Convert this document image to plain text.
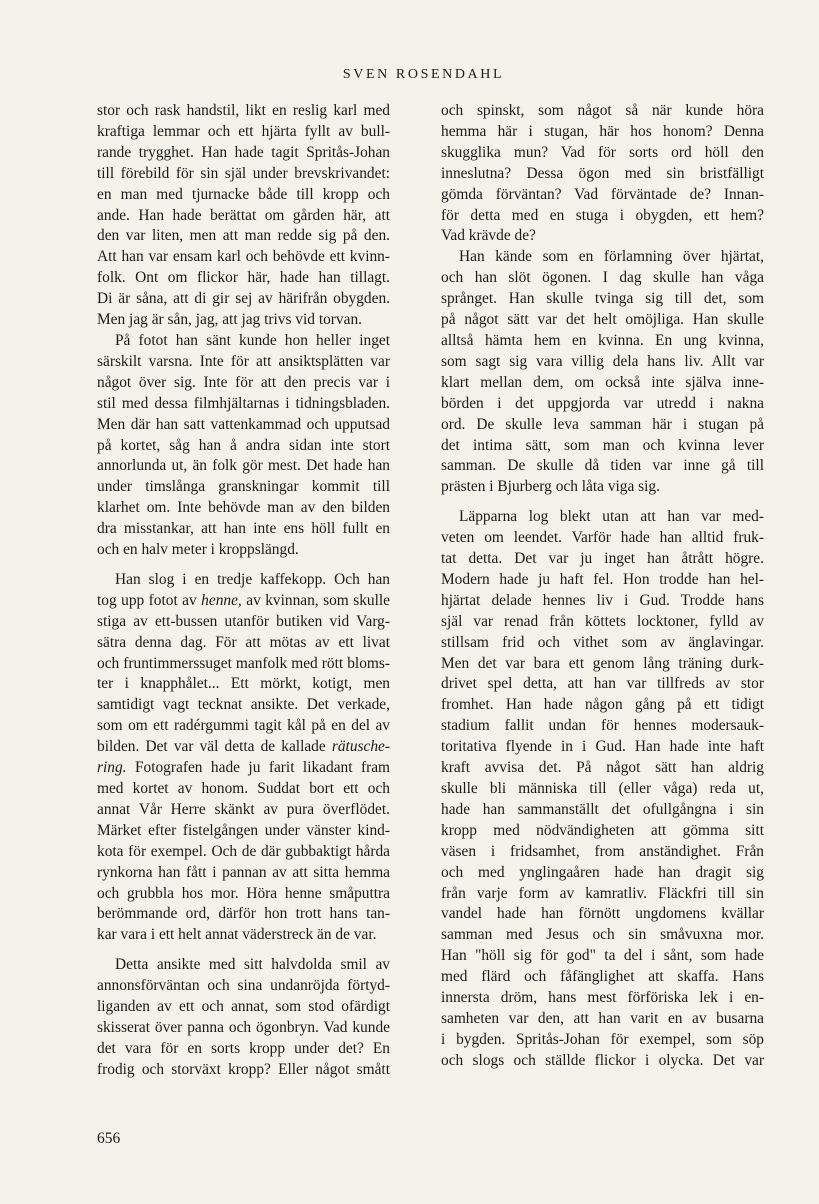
SVEN ROSENDAHL
stor och rask handstil, likt en reslig karl med
kraftiga lemmar och ett hjärta fyllt av bull-
rande trygghet. Han hade tagit Spritås-Johan
till förebild för sin själ under brevskrivandet:
en man med tjurnacke både till kropp och
ande. Han hade berättat om gården här, att
den var liten, men att man redde sig på den.
Att han var ensam karl och behövde ett kvinn-
folk. Ont om flickor här, hade han tillagt.
Di är såna, att di gir sej av härifrån obygden.
Men jag är sån, jag, att jag trivs vid torvan.
På fotot han sänt kunde hon heller inget
särskilt varsna. Inte för att ansiktsplätten var
något över sig. Inte för att den precis var i
stil med dessa filmhjältarnas i tidningsbladen.
Men där han satt vattenkammad och upputsad
på kortet, såg han å andra sidan inte stort
annorlunda ut, än folk gör mest. Det hade han
under timslånga granskningar kommit till
klarhet om. Inte behövde man av den bilden
dra misstankar, att han inte ens höll fullt en
och en halv meter i kroppslängd.
Han slog i en tredje kaffekopp. Och han
tog upp fotot av henne, av kvinnan, som skulle
stiga av ett-bussen utanför butiken vid Varg-
sätra denna dag. För att mötas av ett livat
och fruntimmerssuget manfolk med rött bloms-
ter i knapphålet... Ett mörkt, kotigt, men
samtidigt vagt tecknat ansikte. Det verkade,
som om ett radérgummi tagit kål på en del av
bilden. Det var väl detta de kallade rätusche-
ring. Fotografen hade ju farit likadant fram
med kortet av honom. Suddat bort ett och
annat Vår Herre skänkt av pura överflödet.
Märket efter fistelgången under vänster kind-
kota för exempel. Och de där gubbaktigt hårda
rynkorna han fått i pannan av att sitta hemma
och grubbla hos mor. Höra henne småputtra
berömmande ord, därför hon trott hans tan-
kar vara i ett helt annat väderstreck än de var.
Detta ansikte med sitt halvdolda smil av
annonsförväntan och sina undanröjda förtyd-
liganden av ett och annat, som stod ofärdigt
skisserat över panna och ögonbryn. Vad kunde
det vara för en sorts kropp under det? En
frodig och storväxt kropp? Eller något smått
och spinskt, som något så när kunde höra
hemma här i stugan, här hos honom? Denna
skugglika mun? Vad för sorts ord höll den
inneslutna? Dessa ögon med sin bristfälligt
gömda förväntan? Vad förväntade de? Innan-
för detta med en stuga i obygden, ett hem?
Vad krävde de?
Han kände som en förlamning över hjärtat,
och han slöt ögonen. I dag skulle han våga
språnget. Han skulle tvinga sig till det, som
på något sätt var det helt omöjliga. Han skulle
alltså hämta hem en kvinna. En ung kvinna,
som sagt sig vara villig dela hans liv. Allt var
klart mellan dem, om också inte själva inne-
börden i det uppgjorda var utredd i nakna
ord. De skulle leva samman här i stugan på
det intima sätt, som man och kvinna lever
samman. De skulle då tiden var inne gå till
prästen i Bjurberg och låta viga sig.
Läpparna log blekt utan att han var med-
veten om leendet. Varför hade han alltid fruk-
tat detta. Det var ju inget han åtrått högre.
Modern hade ju haft fel. Hon trodde han hel-
hjärtat delade hennes liv i Gud. Trodde hans
själ var renad från köttets locktoner, fylld av
stillsam frid och vithet som av änglavingar.
Men det var bara ett genom lång träning durk-
drivet spel detta, att han var tillfreds av stor
fromhet. Han hade någon gång på ett tidigt
stadium fallit undan för hennes modersauk-
toritativa flyende in i Gud. Han hade inte haft
kraft avvisa det. På något sätt han aldrig
skulle bli människa till (eller våga) reda ut,
hade han sammanställt det ofullgångna i sin
kropp med nödvändigheten att gömma sitt
väsen i fridsamhet, from anständighet. Från
och med ynglingaåren hade han dragit sig
från varje form av kamratliv. Fläckfri till sin
vandel hade han förnött ungdomens kvällar
samman med Jesus och sin småvuxna mor.
Han "höll sig för god" ta del i sånt, som hade
med flärd och fåfänglighet att skaffa. Hans
innersta dröm, hans mest förföriska lek i en-
samheten var den, att han varit en av busarna
i bygden. Spritås-Johan för exempel, som söp
och slogs och ställde flickor i olycka. Det var
656
